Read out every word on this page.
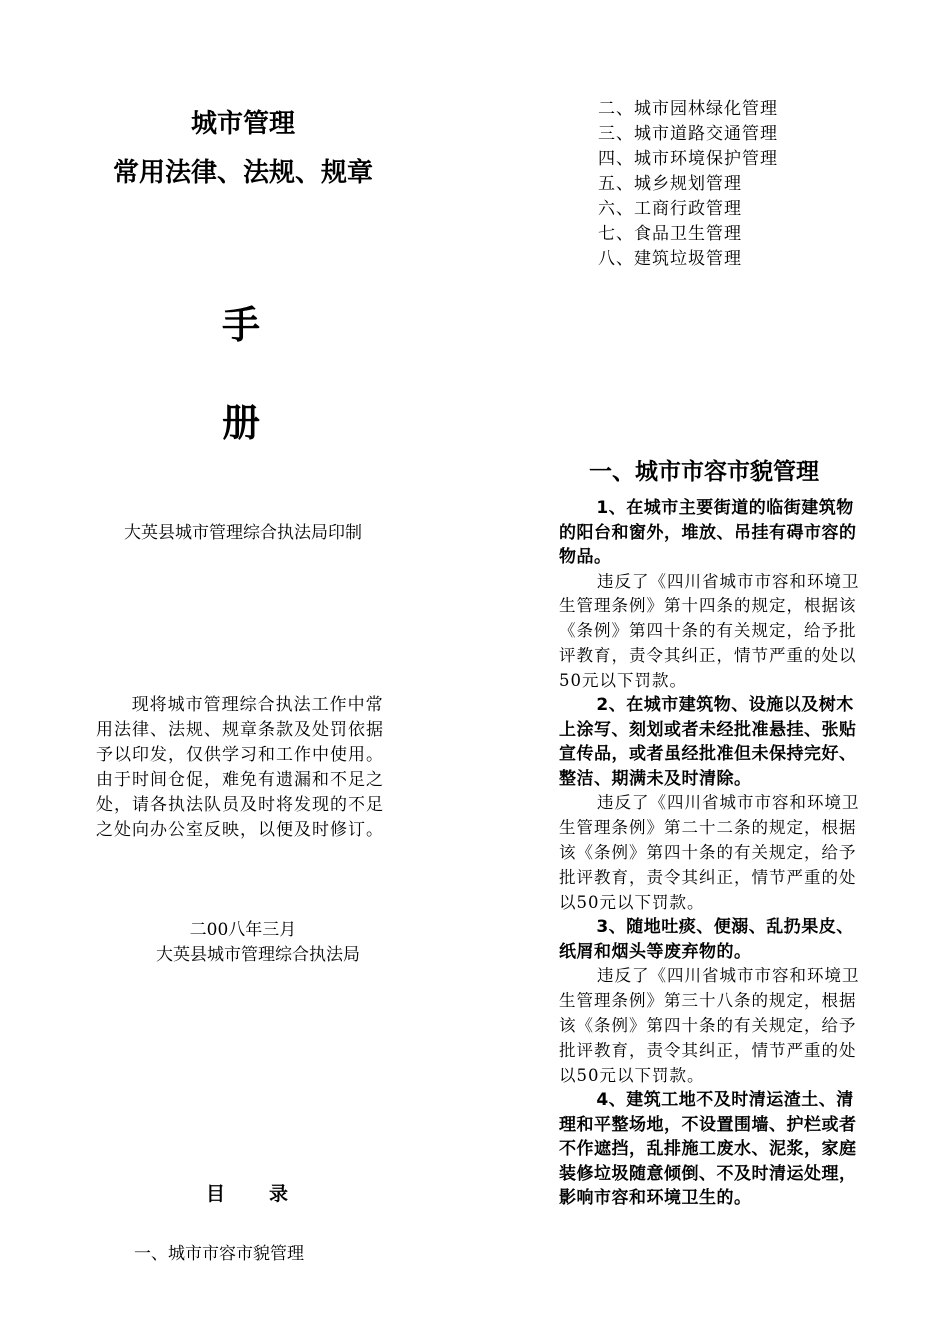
城市管理
常用法律、法规、规章
手
册
大英县城市管理综合执法局印制

现将城市管理综合执法工作中常用法律、法规、规章条款及处罚依据予以印发，仅供学习和工作中使用。由于时间仓促，难免有遗漏和不足之处，请各执法队员及时将发现的不足之处向办公室反映，以便及时修订。

二00八年三月
大英县城市管理综合执法局
目 录
一、城市市容市貌管理
二、城市园林绿化管理
三、城市道路交通管理
四、城市环境保护管理
五、城乡规划管理
六、工商行政管理
七、食品卫生管理
八、建筑垃圾管理
一、城市市容市貌管理

1、在城市主要街道的临街建筑物的阳台和窗外，堆放、吊挂有碍市容的物品。

违反了《四川省城市市容和环境卫生管理条例》第十四条的规定，根据该《条例》第四十条的有关规定，给予批评教育，责令其纠正，情节严重的处以50元以下罚款。

2、在城市建筑物、设施以及树木上涂写、刻划或者未经批准悬挂、张贴宣传品，或者虽经批准但未保持完好、整洁、期满未及时清除。

违反了《四川省城市市容和环境卫生管理条例》第二十二条的规定，根据该《条例》第四十条的有关规定，给予批评教育，责令其纠正，情节严重的处以50元以下罚款。

3、随地吐痰、便溺、乱扔果皮、纸屑和烟头等废弃物的。

违反了《四川省城市市容和环境卫生管理条例》第三十八条的规定，根据该《条例》第四十条的有关规定，给予批评教育，责令其纠正，情节严重的处以50元以下罚款。

4、建筑工地不及时清运渣土、清理和平整场地，不设置围墙、护栏或者不作遮挡，乱排施工废水、泥浆，家庭装修垃圾随意倾倒、不及时清运处理，影响市容和环境卫生的。
